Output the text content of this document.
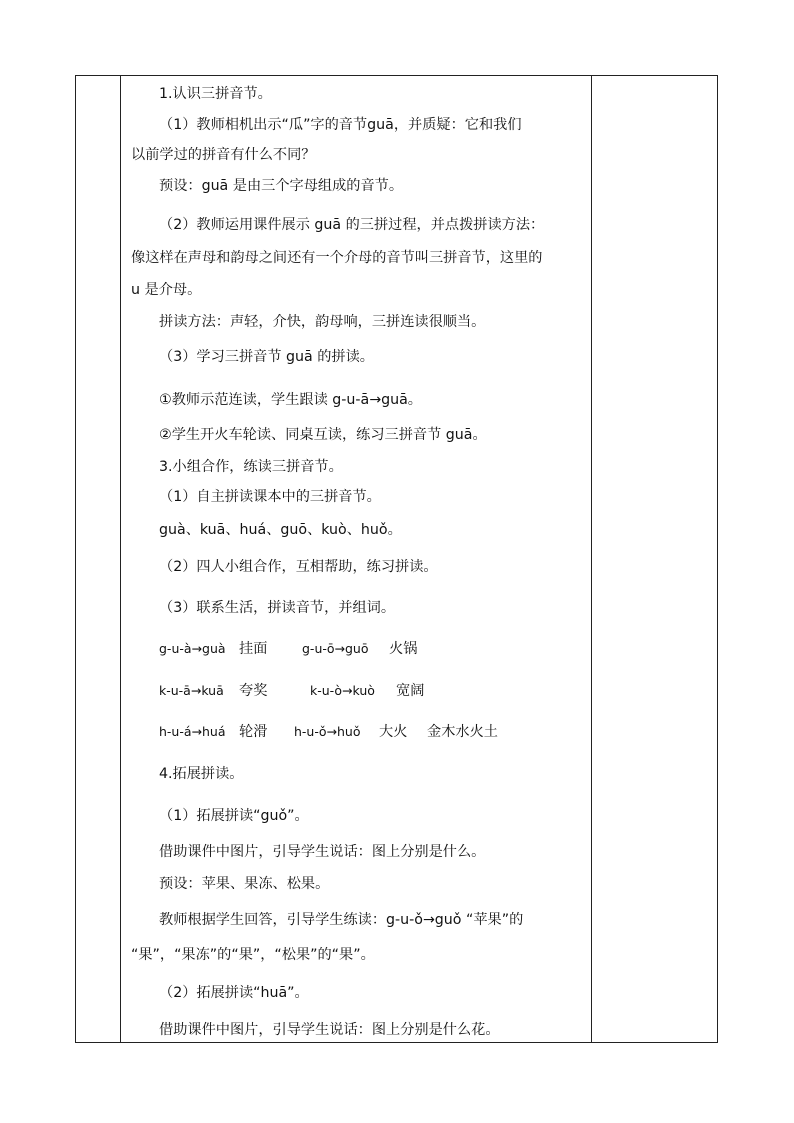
1.认识三拼音节。
（1）教师相机出示“瓜”字的音节guā，并质疑：它和我们
以前学过的拼音有什么不同？
预设：guā 是由三个字母组成的音节。
（2）教师运用课件展示 guā 的三拼过程，并点拨拼读方法：
像这样在声母和韵母之间还有一个介母的音节叫三拼音节，这里的
u 是介母。
拼读方法：声轻，介快，韵母响，三拼连读很顺当。
（3）学习三拼音节 guā 的拼读。
①教师示范连读，学生跟读 g-u-ā→guā。
②学生开火车轮读、同桌互读，练习三拼音节 guā。
3.小组合作，练读三拼音节。
（1）自主拼读课本中的三拼音节。
guà、kuā、huá、guō、kuò、huǒ。
（2）四人小组合作，互相帮助，练习拼读。
（3）联系生活，拼读音节，并组词。
g-u-à→guà 挂面	g-u-ō→guō 火锅
k-u-ā→kuā 夸奖	k-u-ò→kuò 宽阔
h-u-á→huá 轮滑 h-u-ǒ→huǒ 大火 金木水火土
4.拓展拼读。
（1）拓展拼读“guǒ”。
借助课件中图片，引导学生说话：图上分别是什么。
预设：苹果、果冻、松果。
教师根据学生回答，引导学生练读：g-u-ǒ→guǒ “苹果”的
“果”，“果冻”的“果”，“松果”的“果”。
（2）拓展拼读“huā”。
借助课件中图片，引导学生说话：图上分别是什么花。
